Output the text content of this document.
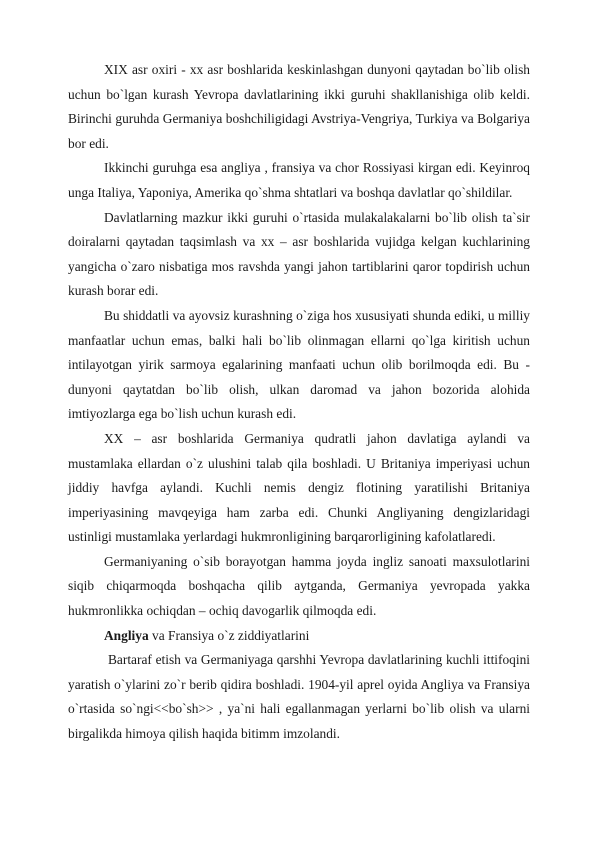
XIX asr oxiri - xx asr boshlarida keskinlashgan dunyoni qaytadan bo`lib olish uchun bo`lgan kurash Yevropa davlatlarining ikki guruhi shakllanishiga olib keldi. Birinchi guruhda Germaniya boshchiligidagi Avstriya-Vengriya, Turkiya va Bolgariya bor edi.

Ikkinchi guruhga esa angliya , fransiya va chor Rossiyasi kirgan edi. Keyinroq unga Italiya, Yaponiya, Amerika qo`shma shtatlari va boshqa davlatlar qo`shildilar.

Davlatlarning mazkur ikki guruhi o`rtasida mulakalakalarni bo`lib olish ta`sir doiralarni qaytadan taqsimlash va xx – asr boshlarida vujidga kelgan kuchlarining yangicha o`zaro nisbatiga mos ravshda yangi jahon tartiblarini qaror topdirish uchun kurash borar edi.

Bu shiddatli va ayovsiz kurashning o`ziga hos xususiyati shunda ediki, u milliy manfaatlar uchun emas, balki hali bo`lib olinmagan ellarni qo`lga kiritish uchun intilayotgan yirik sarmoya egalarining manfaati uchun olib borilmoqda edi. Bu - dunyoni qaytatdan bo`lib olish, ulkan daromad va jahon bozorida alohida imtiyozlarga ega bo`lish uchun kurash edi.

XX – asr boshlarida Germaniya qudratli jahon davlatiga aylandi va mustamlaka ellardan o`z ulushini talab qila boshladi. U Britaniya imperiyasi uchun jiddiy havfga aylandi. Kuchli nemis dengiz flotining yaratilishi Britaniya imperiyasining mavqeyiga ham zarba edi. Chunki Angliyaning dengizlaridagi ustinligi mustamlaka yerlardagi hukmronligining barqarorligining kafolatlaredi.

Germaniyaning o`sib borayotgan hamma joyda ingliz sanoati maxsulotlarini siqib chiqarmoqda boshqacha qilib aytganda, Germaniya yevropada yakka hukmronlikka ochiqdan – ochiq davogarlik qilmoqda edi.

Angliya va Fransiya o`z ziddiyatlarini

Bartaraf etish va Germaniyaga qarshhi Yevropa davlatlarining kuchli ittifoqini yaratish o`ylarini zo`r berib qidira boshladi. 1904-yil aprel oyida Angliya va Fransiya o`rtasida so`ngi<<bo`sh>> , ya`ni hali egallanmagan yerlarni bo`lib olish va ularni birgalikda himoya qilish haqida bitimm imzolandi.
